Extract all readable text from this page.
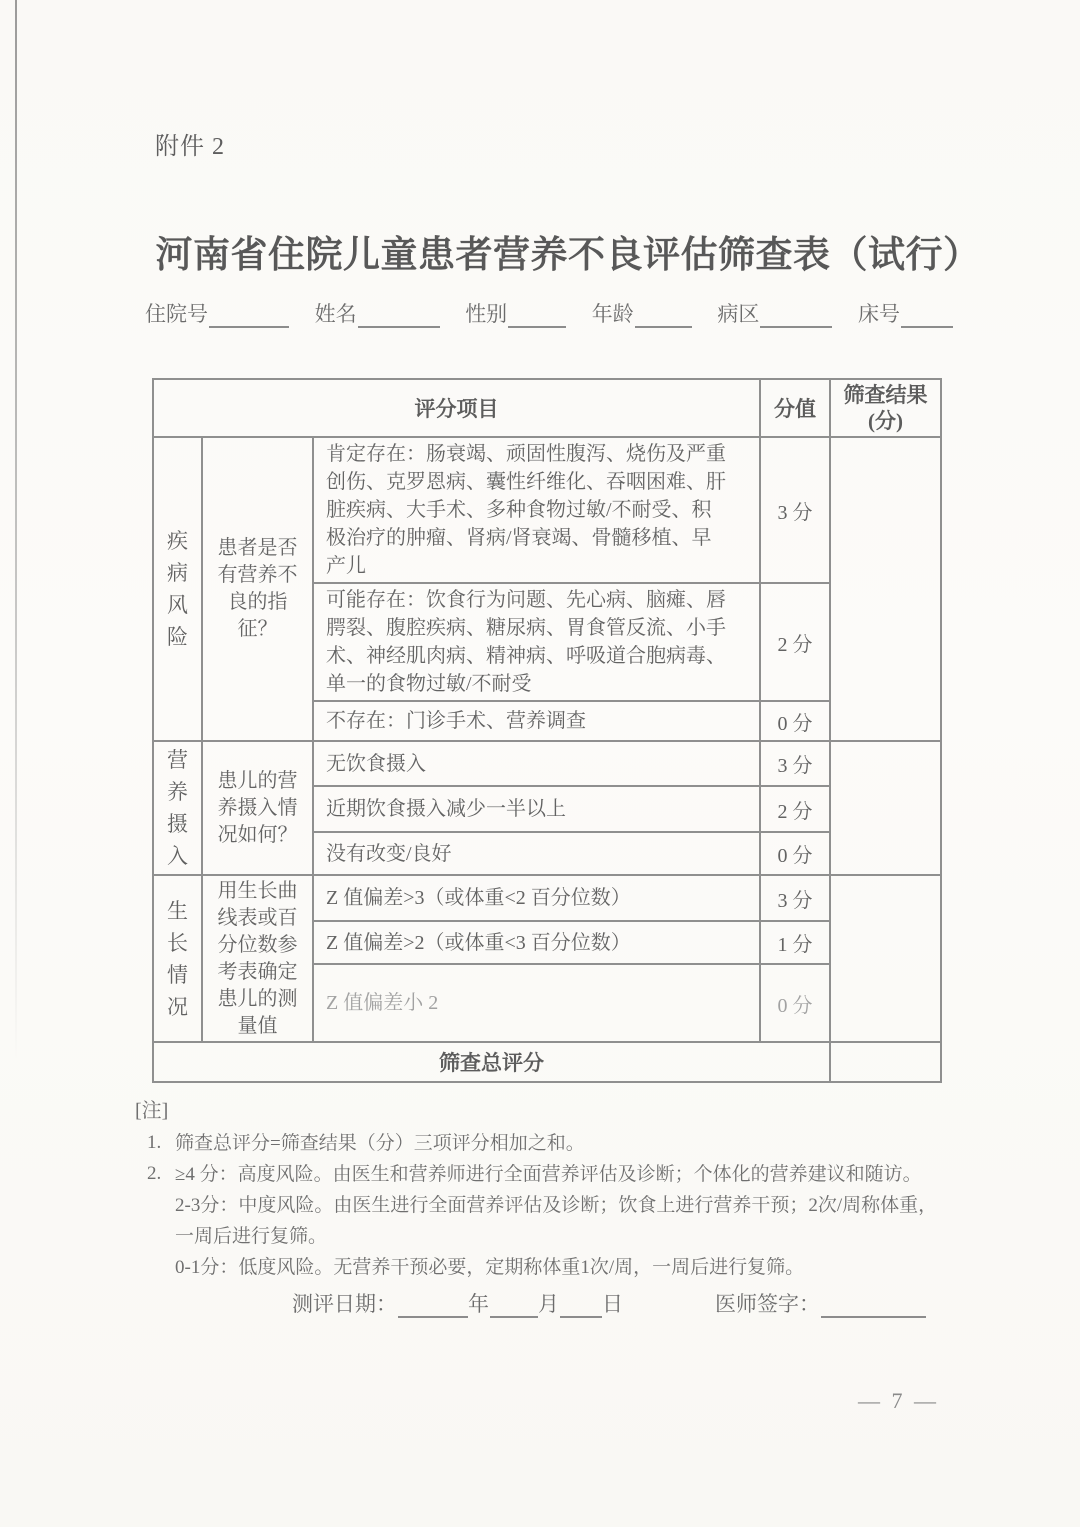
附件 2
河南省住院儿童患者营养不良评估筛查表（试行）
住院号	姓名	性别	年龄	病区	床号
评分项目			分值	筛查结果
(分)

疾病风险	患者是否有营养不良的指征？	肯定存在：肠衰竭、顽固性腹泻、烧伤及严重创伤、克罗恩病、囊性纤维化、吞咽困难、肝脏疾病、大手术、多种食物过敏/不耐受、积极治疗的肿瘤、肾病/肾衰竭、骨髓移植、早产儿	3 分	
		可能存在：饮食行为问题、先心病、脑瘫、唇腭裂、腹腔疾病、糖尿病、胃食管反流、小手术、神经肌肉病、精神病、呼吸道合胞病毒、单一的食物过敏/不耐受	2 分	
		不存在：门诊手术、营养调查	0 分	
营养摄入	患儿的营养摄入情况如何？	无饮食摄入	3 分	
		近期饮食摄入减少一半以上	2 分	
		没有改变/良好	0 分	
生长情况	用生长曲线表或百分位数参考表确定患儿的测量值	Z 值偏差>3（或体重<2 百分位数）	3 分	
		Z 值偏差>2（或体重<3 百分位数）	1 分	
		Z 值偏差小 2	0 分	
筛查总评分				
[注]
1. 筛查总评分=筛查结果（分）三项评分相加之和。
2. ≥4 分：高度风险。由医生和营养师进行全面营养评估及诊断；个体化的营养建议和随访。
2-3分：中度风险。由医生进行全面营养评估及诊断；饮食上进行营养干预；2次/周称体重，
一周后进行复筛。
0-1分：低度风险。无营养干预必要，定期称体重1次/周，一周后进行复筛。
测评日期：	年 月 日	医师签字：
— 7 —
